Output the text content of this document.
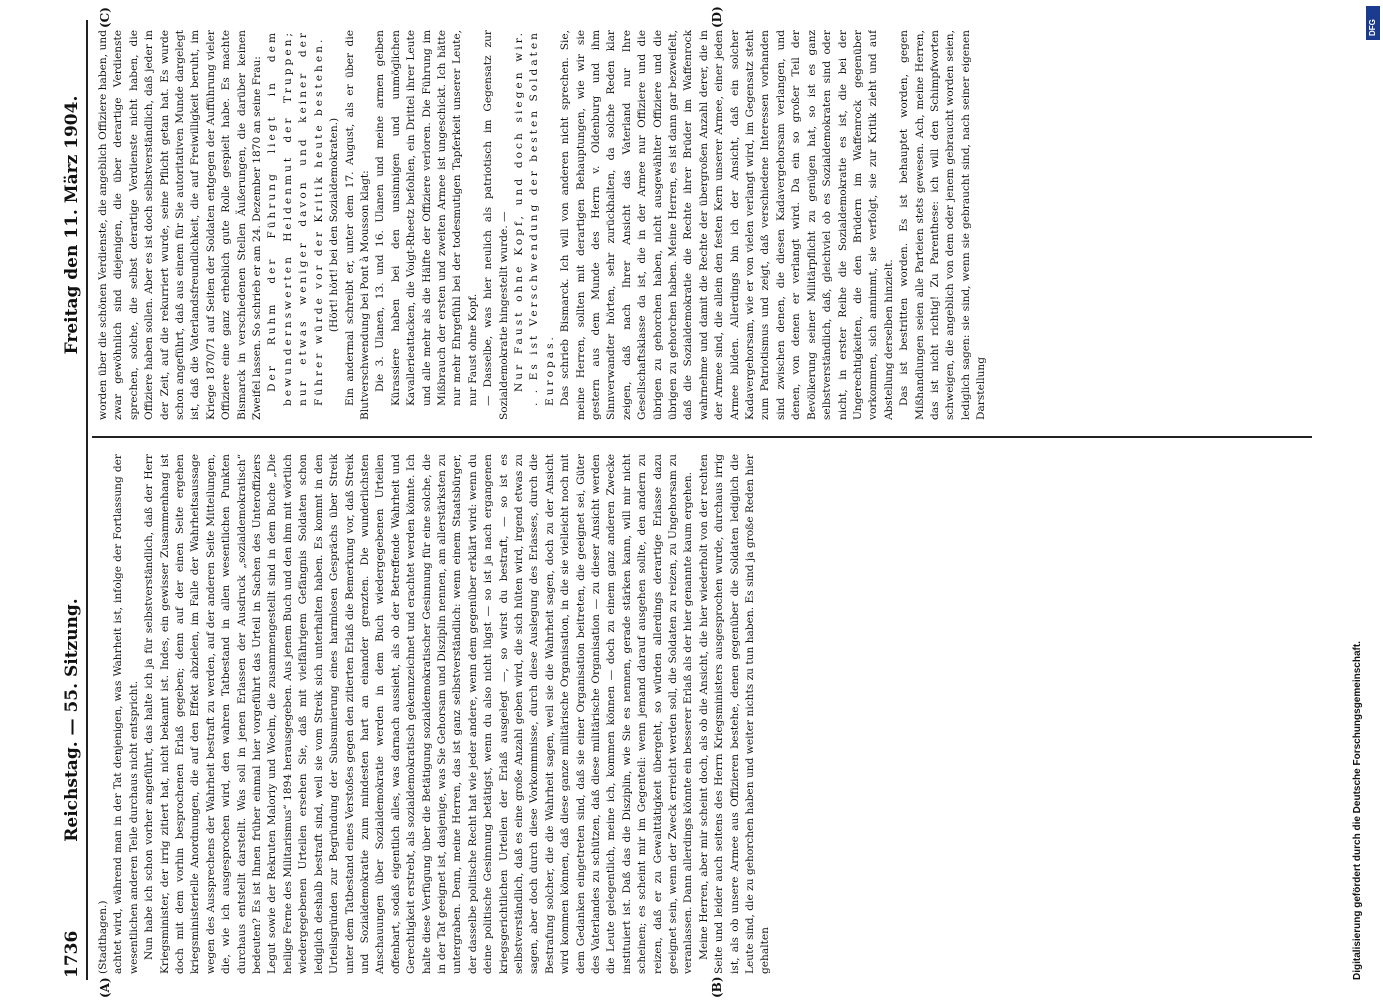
1736
Reichstag. — 55. Sitzung.
Freitag den 11. März 1904.
(A)	(B)
(C)	(D)

(Stadthagen.) achtet wird, während man in der Tat denjenigen, was Wahrheit ist, infolge der Fortlassung der wesentlichen anderen Teile durchaus nicht entspricht. Nun habe ich schon vorher angeführt, das halte ich ja für selbstverständlich, daß der Herr Kriegsminister, der irrig zitiert hat, nicht bekannt ist. Indes, ein gewisser Zusammenhang ist doch mit dem vorhin besprochenen Erlaß gegeben; denn auf der einen Seite ergehen kriegsministerielle Anordnungen, die auf den Effekt abzielen, im Falle der Wahrheitsaussage wegen des Aussprechens der Wahrheit bestraft zu werden, auf der anderen Seite Mitteilungen, die, wie ich ausgesprochen wird, den wahren Tatbestand in allen wesentlichen Punkten durchaus entstellt darstellt. Was soll in jenen Erlassen der Ausdruck „sozialdemokratisch“ bedeuten? Es ist Ihnen früher einmal hier vorgeführt das Urteil in Sachen des Unteroffiziers Legut sowie der Rekruten Maloriy und Woelm, die zusammengestellt sind in dem Buche „Die heilige Ferne des Militarismus“ 1894 herausgegeben. Aus jenem Buch und den ihm mit wörtlich wiedergegebenen Urteilen ersehen Sie, daß mit vielfährigem Gefängnis Soldaten schon lediglich deshalb bestraft sind, weil sie vom Streik sich unterhalten haben. Es kommt in den Urteilsgründen zur Begründung der Subsumierung eines harmlosen Gesprächs über Streik unter dem Tatbestand eines Verstoßes gegen den zitierten Erlaß die Bemerkung vor, daß Streik und Sozialdemokratie zum mindesten hart an einander grenzten. Die wunderlichsten Anschauungen über Sozialdemokratie werden in dem Buch wiedergegebenen Urteilen offenbart, sodaß eigentlich alles, was darnach aussieht, als ob der Betreffende Wahrheit und Gerechtigkeit erstrebt, als sozialdemokratisch gekennzeichnet und erachtet werden könnte. Ich halte diese Verfügung über die Betätigung sozialdemokratischer Gesinnung für eine solche, die in der Tat geeignet ist, dasjenige, was Sie Gehorsam und Disziplin nennen, am allerstärksten zu untergraben. Denn, meine Herren, das ist ganz selbstverständlich: wenn einem Staatsbürger, der dasselbe politische Recht hat wie jeder andere, wenn dem gegenüber erklärt wird: wenn du deine politische Gesinnung betätigst, wenn du also nicht lügst — so ist ja nach ergangenen kriegsgerichtlichen Urteilen der Erlaß ausgelegt —, so wirst du bestraft, — so ist es selbstverständlich, daß es eine große Anzahl geben wird, die sich hüten wird, irgend etwas zu sagen, aber doch durch diese Vorkommnisse, durch diese Auslegung des Erlasses, durch die Bestrafung solcher, die die Wahrheit sagen, weil sie die Wahrheit sagen, doch zu der Ansicht wird kommen können, daß diese ganze militärische Organisation, in die sie vielleicht noch mit dem Gedanken eingetreten sind, daß sie einer Organisation beitreten, die geeignet sei, Güter des Vaterlandes zu schützen, daß diese militärische Organisation — zu dieser Ansicht werden die Leute gelegentlich, meine ich, kommen können — doch zu einem ganz anderen Zwecke instituiert ist. Daß das die Disziplin, wie Sie es nennen, gerade stärken kann, will mir nicht scheinen; es scheint mir im Gegenteil: wenn jemand darauf ausgehen sollte, den andern zu reizen, daß er zu Gewalttätigkeit übergeht, so würden allerdings derartige Erlasse dazu geeignet sein, wenn der Zweck erreicht werden soll, die Soldaten zu reizen, zu Ungehorsam zu veranlassen. Dann allerdings könnte ein besserer Erlaß als der hier genannte kaum ergehen. Meine Herren, aber mir scheint doch, als ob die Ansicht, die hier wiederholt von der rechten Seite und leider auch seitens des Herrn Kriegsministers ausgesprochen wurde, durchaus irrig ist, als ob unsere Armee aus Offizieren bestehe, denen gegenüber die Soldaten lediglich die Leute sind, die zu gehorchen haben und weiter nichts zu tun haben. Es sind ja große Reden hier gehalten

worden über die schönen Verdienste, die angeblich Offiziere haben, und zwar gewöhnlich sind diejenigen, die über derartige Verdienste sprechen, solche, die selbst derartige Verdienste nicht haben, die Offiziere haben sollen. Aber es ist doch selbstverständlich, daß jeder in der Zeit, auf die rekurriert wurde, seine Pflicht getan hat. Es wurde schon angeführt, daß aus einem für Sie autoritativen Munde dargelegt ist, daß die Vaterlandsfreundlichkeit, die auf Freiwilligkeit beruht, im Kriege 1870/71 auf Seiten der Soldaten entgegen der Aufführung vieler Offiziere eine ganz erheblich gute Rolle gespielt habe. Es machte Bismarck in verschiedenen Stellen Äußerungen, die darüber keinen Zweifel lassen. So schrieb er am 24. Dezember 1870 an seine Frau: Der Ruhm der Führung liegt in dem bewundernswerten Heldenmut der Truppen; nur etwas weniger davon und keiner der Führer würde vor der Kritik heute bestehen. (Hört! hört! bei den Sozialdemokraten.) Ein andermal schreibt er, unter dem 17. August, als er über die Blutverschwendung bei Pont à Mousson klagt: Die 3. Ulanen, 13. und 16. Ulanen und meine armen gelben Kürassiere haben bei den unsinnigen und unmöglichen Kavallerieattacken, die Voigt-Rheetz befohlen, ein Drittel ihrer Leute und alle mehr als die Hälfte der Offiziere verloren. Die Führung im Mißbrauch der ersten und zweiten Armee ist ungeschickt. Ich hätte nur mehr Ehrgefühl bei der todesmutigen Tapferkeit unserer Leute, nur Faust ohne Kopf. — Dasselbe, was hier neulich als patriotisch im Gegensatz zur Sozialdemokratie hingestellt wurde. — Nur Faust ohne Kopf, und doch siegen wir. . . Es ist Verschwendung der besten Soldaten Europas. Das schrieb Bismarck. Ich will von anderen nicht sprechen. Sie, meine Herren, sollten mit derartigen Behauptungen, wie wir sie gestern aus dem Munde des Herrn v. Oldenburg und ihm Sinnverwandter hörten, sehr zurückhalten, da solche Reden klar zeigen, daß nach Ihrer Ansicht das Vaterland nur Ihre Gesellschaftsklasse da ist, die in der Armee nur Offiziere und die übrigen zu gehorchen haben, nicht ausgewählter Offiziere und die übrigen zu gehorchen haben. Meine Herren, es ist dann gar bezweifelt, daß die Sozialdemokratie die Rechte ihrer Brüder im Waffenrock wahrnehme und damit die Rechte der übergroßen Anzahl derer, die in der Armee sind, die allein den festen Kern unserer Armee, einer jeden Armee bilden. Allerdings bin ich der Ansicht, daß ein solcher Kadavergehorsam, wie er von vielen verlangt wird, im Gegensatz steht zum Patriotismus und zeigt, daß verschiedene Interessen vorhanden sind zwischen denen, die diesen Kadavergehorsam verlangen, und denen, von denen er verlangt wird. Da ein so großer Teil der Bevölkerung seiner Militärpflicht zu genügen hat, so ist es ganz selbstverständlich, daß, gleichviel ob es Sozialdemokraten sind oder nicht, in erster Reihe die Sozialdemokratie es ist, die bei der Ungerechtigkeiten, die den Brüdern im Waffenrock gegenüber vorkommen, sich annimmt, sie verfolgt, sie zur Kritik zieht und auf Abstellung derselben hinzielt. Das ist bestritten worden. Es ist behauptet worden, gegen Mißhandlungen seien alle Parteien stets gewesen. Ach, meine Herren, das ist nicht richtig! Zu Parenthese: ich will den Schimpfworten schweigen, die angeblich von dem oder jenem gebraucht worden seien, lediglich sagen: sie sind, wenn sie gebraucht sind, nach seiner eigenen Darstellung

Digitalisierung gefördert durch die Deutsche Forschungsgemeinschaft.
DFG
